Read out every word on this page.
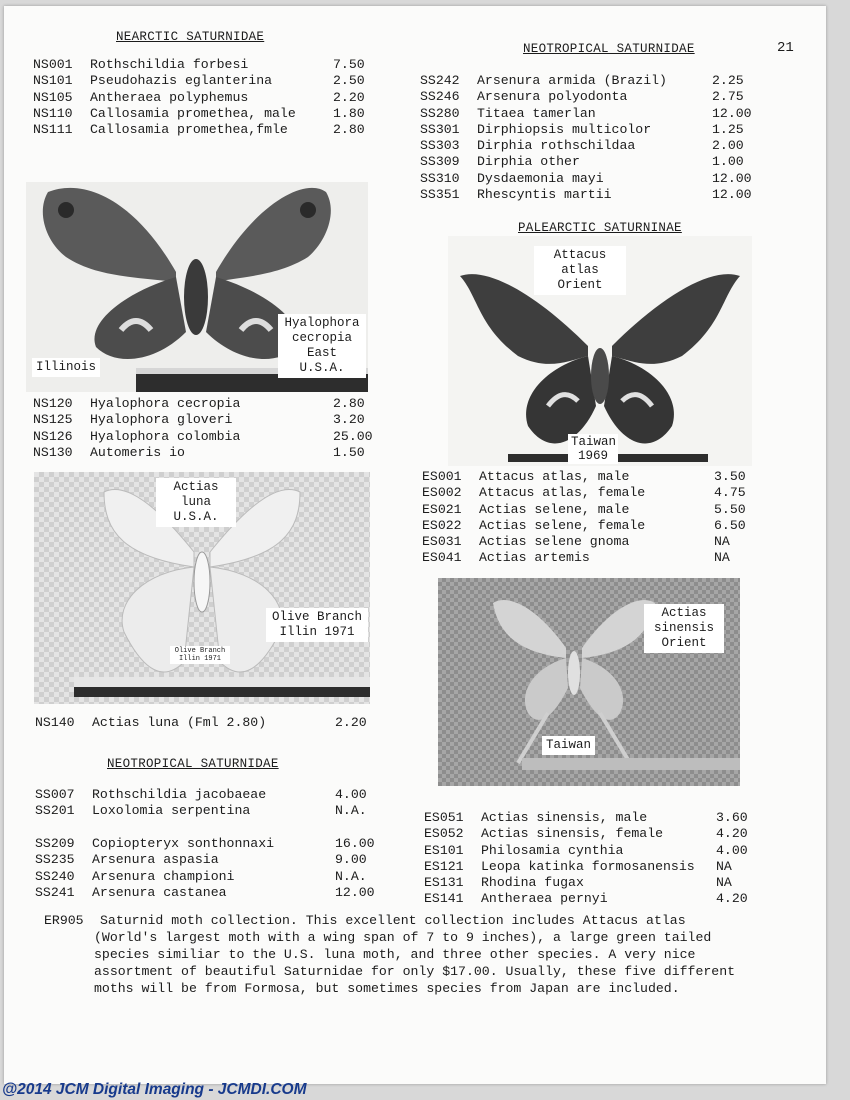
21
NEARCTIC SATURNIDAE
NS001 Rothschildia forbesi	7.50
NS101 Pseudohazis eglanterina	2.50
NS105 Antheraea polyphemus	2.20
NS110 Callosamia promethea, male	1.80
NS111 Callosamia promethea,fmle	2.80
Hyalophora cecropia East U.S.A.
Illinois
NS120 Hyalophora cecropia	2.80
NS125 Hyalophora gloveri	3.20
NS126 Hyalophora colombia	25.00
NS130 Automeris io	1.50
Actias luna U.S.A.
Olive Branch Illin 1971
Olive Branch Illin 1971
NS140 Actias luna (Fml 2.80)	2.20
NEOTROPICAL SATURNIDAE
SS007 Rothschildia jacobaeae	4.00
SS201 Loxolomia serpentina	N.A.
SS209 Copiopteryx sonthonnaxi	16.00
SS235 Arsenura aspasia	9.00
SS240 Arsenura championi	N.A.
SS241 Arsenura castanea	12.00
NEOTROPICAL SATURNIDAE
SS242 Arsenura armida (Brazil)	2.25
SS246 Arsenura polyodonta	2.75
SS280 Titaea tamerlan	12.00
SS301 Dirphiopsis multicolor	1.25
SS303 Dirphia rothschildaa	2.00
SS309 Dirphia other	1.00
SS310 Dysdaemonia mayi	12.00
SS351 Rhescyntis martii	12.00
PALEARCTIC SATURNINAE
Attacus atlas Orient
Taiwan 1969
ES001 Attacus atlas, male	3.50
ES002 Attacus atlas, female	4.75
ES021 Actias selene, male	5.50
ES022 Actias selene, female	6.50
ES031 Actias selene gnoma	NA
ES041 Actias artemis	NA
Actias sinensis Orient
Taiwan
ES051 Actias sinensis, male	3.60
ES052 Actias sinensis, female	4.20
ES101 Philosamia cynthia	4.00
ES121 Leopa katinka formosanensis NA
ES131 Rhodina fugax	NA
ES141 Antheraea pernyi	4.20
ER905	Saturnid moth collection. This excellent collection includes Attacus atlas (World's largest moth with a wing span of 7 to 9 inches), a large green tailed species similiar to the U.S. luna moth, and three other species. A very nice assortment of beautiful Saturnidae for only $17.00. Usually, these five different moths will be from Formosa, but sometimes species from Japan are included.
@2014 JCM Digital Imaging - JCMDI.COM
